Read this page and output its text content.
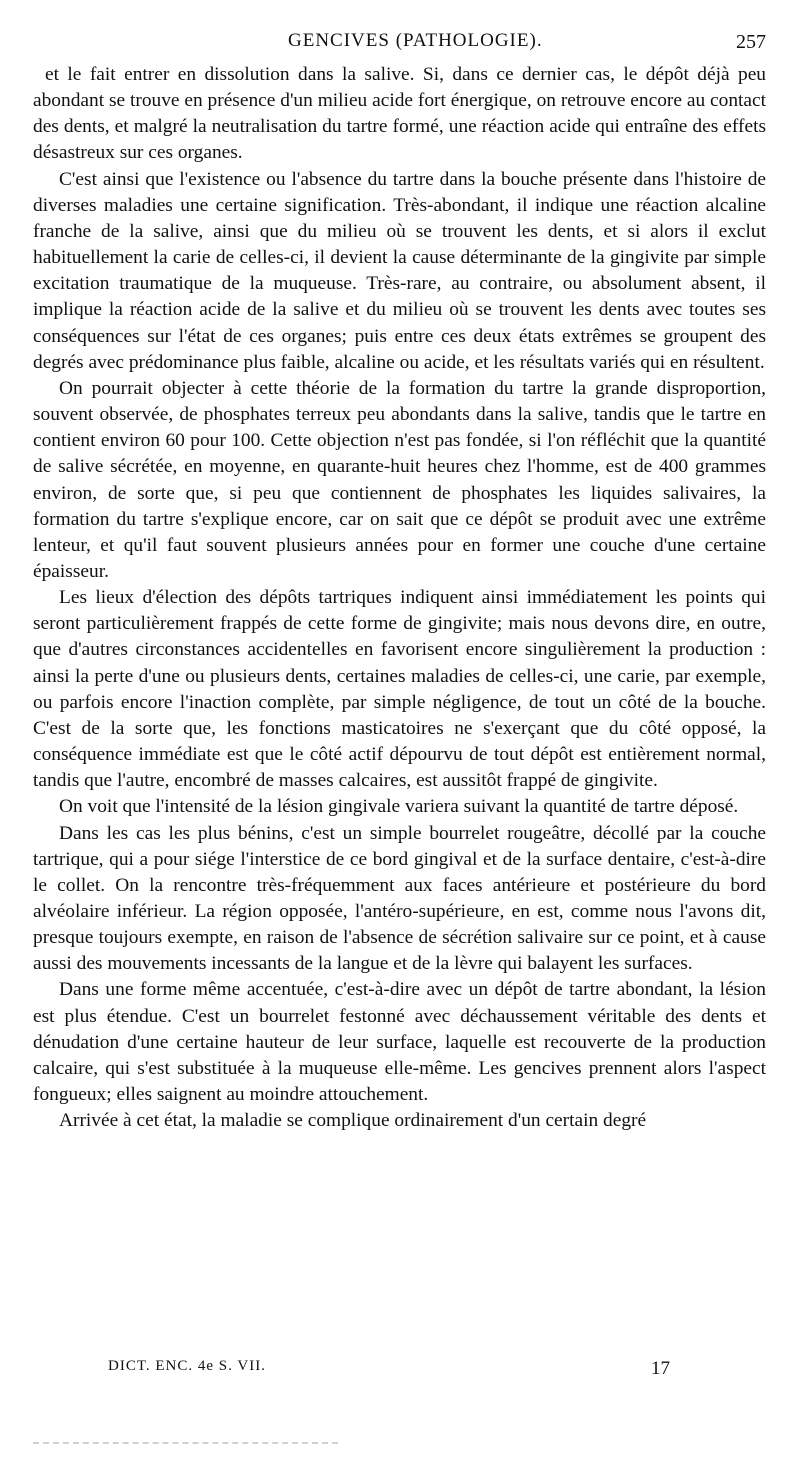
GENCIVES (PATHOLOGIE).	257

et le fait entrer en dissolution dans la salive. Si, dans ce dernier cas, le dépôt déjà peu abondant se trouve en présence d'un milieu acide fort énergique, on retrouve encore au contact des dents, et malgré la neutralisation du tartre formé, une réaction acide qui entraîne des effets désastreux sur ces organes.

C'est ainsi que l'existence ou l'absence du tartre dans la bouche présente dans l'histoire de diverses maladies une certaine signification. Très-abondant, il indique une réaction alcaline franche de la salive, ainsi que du milieu où se trouvent les dents, et si alors il exclut habituellement la carie de celles-ci, il devient la cause déterminante de la gingivite par simple excitation traumatique de la muqueuse. Très-rare, au contraire, ou absolument absent, il implique la réaction acide de la salive et du milieu où se trouvent les dents avec toutes ses conséquences sur l'état de ces organes; puis entre ces deux états extrêmes se groupent des degrés avec prédominance plus faible, alcaline ou acide, et les résultats variés qui en résultent.

On pourrait objecter à cette théorie de la formation du tartre la grande disproportion, souvent observée, de phosphates terreux peu abondants dans la salive, tandis que le tartre en contient environ 60 pour 100. Cette objection n'est pas fondée, si l'on réfléchit que la quantité de salive sécrétée, en moyenne, en quarante-huit heures chez l'homme, est de 400 grammes environ, de sorte que, si peu que contiennent de phosphates les liquides salivaires, la formation du tartre s'explique encore, car on sait que ce dépôt se produit avec une extrême lenteur, et qu'il faut souvent plusieurs années pour en former une couche d'une certaine épaisseur.

Les lieux d'élection des dépôts tartriques indiquent ainsi immédiatement les points qui seront particulièrement frappés de cette forme de gingivite; mais nous devons dire, en outre, que d'autres circonstances accidentelles en favorisent encore singulièrement la production : ainsi la perte d'une ou plusieurs dents, certaines maladies de celles-ci, une carie, par exemple, ou parfois encore l'inaction complète, par simple négligence, de tout un côté de la bouche. C'est de la sorte que, les fonctions masticatoires ne s'exerçant que du côté opposé, la conséquence immédiate est que le côté actif dépourvu de tout dépôt est entièrement normal, tandis que l'autre, encombré de masses calcaires, est aussitôt frappé de gingivite.

On voit que l'intensité de la lésion gingivale variera suivant la quantité de tartre déposé.

Dans les cas les plus bénins, c'est un simple bourrelet rougeâtre, décollé par la couche tartrique, qui a pour siége l'interstice de ce bord gingival et de la surface dentaire, c'est-à-dire le collet. On la rencontre très-fréquemment aux faces antérieure et postérieure du bord alvéolaire inférieur. La région opposée, l'antéro-supérieure, en est, comme nous l'avons dit, presque toujours exempte, en raison de l'absence de sécrétion salivaire sur ce point, et à cause aussi des mouvements incessants de la langue et de la lèvre qui balayent les surfaces.

Dans une forme même accentuée, c'est-à-dire avec un dépôt de tartre abondant, la lésion est plus étendue. C'est un bourrelet festonné avec déchaussement véritable des dents et dénudation d'une certaine hauteur de leur surface, laquelle est recouverte de la production calcaire, qui s'est substituée à la muqueuse elle-même. Les gencives prennent alors l'aspect fongueux; elles saignent au moindre attouchement.

Arrivée à cet état, la maladie se complique ordinairement d'un certain degré

DICT. ENC. 4e S. VII.	17
